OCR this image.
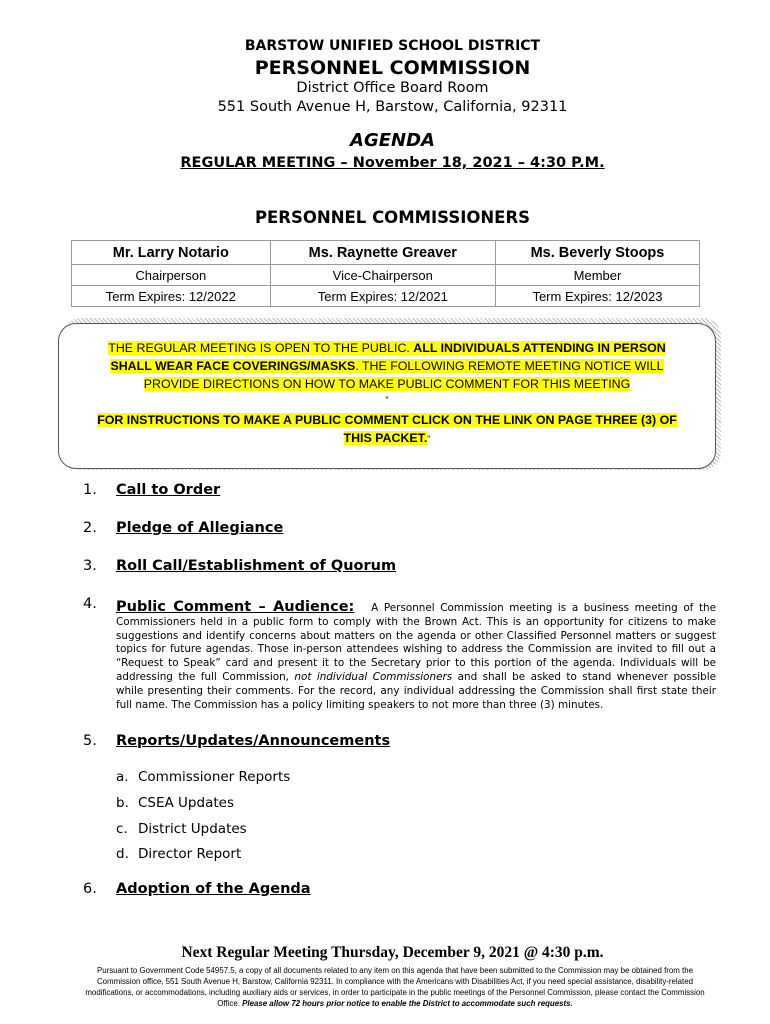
BARSTOW UNIFIED SCHOOL DISTRICT
PERSONNEL COMMISSION
District Office Board Room
551 South Avenue H, Barstow, California, 92311
AGENDA
REGULAR MEETING – November 18, 2021 – 4:30 P.M.
PERSONNEL COMMISSIONERS
Mr. Larry Notario	Ms. Raynette Greaver	Ms. Beverly Stoops
Chairperson	Vice-Chairperson	Member
Term Expires: 12/2022	Term Expires: 12/2021	Term Expires: 12/2023
THE REGULAR MEETING IS OPEN TO THE PUBLIC. ALL INDIVIDUALS ATTENDING IN PERSON
SHALL WEAR FACE COVERINGS/MASKS. THE FOLLOWING REMOTE MEETING NOTICE WILL
PROVIDE DIRECTIONS ON HOW TO MAKE PUBLIC COMMENT FOR THIS MEETING
"
FOR INSTRUCTIONS TO MAKE A PUBLIC COMMENT CLICK ON THE LINK ON PAGE THREE (3) OF
THIS PACKET."
1.	Call to Order
2.	Pledge of Allegiance
3.	Roll Call/Establishment of Quorum
4.	Public Comment – Audience: A Personnel Commission meeting is a business meeting of the Commissioners held in a public form to comply with the Brown Act. This is an opportunity for citizens to make suggestions and identify concerns about matters on the agenda or other Classified Personnel matters or suggest topics for future agendas. Those in-person attendees wishing to address the Commission are invited to fill out a “Request to Speak” card and present it to the Secretary prior to this portion of the agenda. Individuals will be addressing the full Commission, not individual Commissioners and shall be asked to stand whenever possible while presenting their comments. For the record, any individual addressing the Commission shall first state their full name. The Commission has a policy limiting speakers to not more than three (3) minutes.
5.	Reports/Updates/Announcements
a. Commissioner Reports
b. CSEA Updates
c. District Updates
d. Director Report
6.	Adoption of the Agenda
Next Regular Meeting Thursday, December 9, 2021 @ 4:30 p.m.
Pursuant to Government Code 54957.5, a copy of all documents related to any item on this agenda that have been submitted to the Commission may be obtained from the Commission office, 551 South Avenue H, Barstow, California 92311. In compliance with the Americans with Disabilities Act, if you need special assistance, disability-related modifications, or accommodations, including auxiliary aids or services, in order to participate in the public meetings of the Personnel Commission, please contact the Commission Office. Please allow 72 hours prior notice to enable the District to accommodate such requests.
